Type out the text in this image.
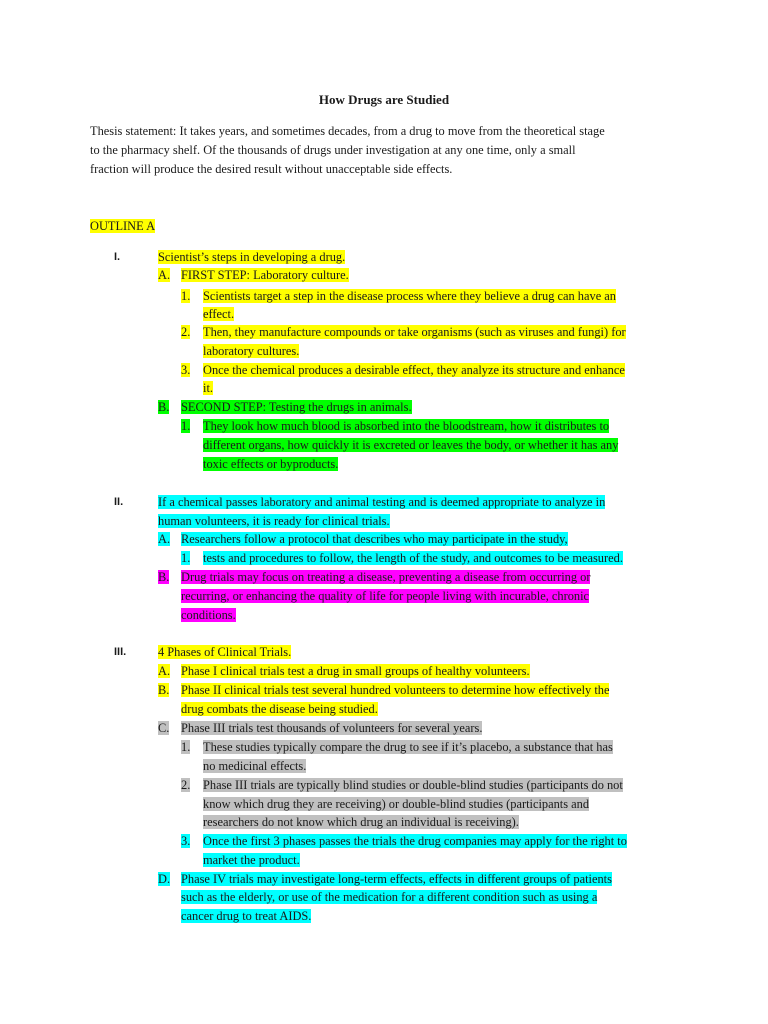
How Drugs are Studied
Thesis statement: It takes years, and sometimes decades, from a drug to move from the theoretical stage
to the pharmacy shelf. Of the thousands of drugs under investigation at any one time, only a small
fraction will produce the desired result without unacceptable side effects.
OUTLINE A
I.	Scientist’s steps in developing a drug.
A. FIRST STEP: Laboratory culture.
1. Scientists target a step in the disease process where they believe a drug can have an
effect.
2. Then, they manufacture compounds or take organisms (such as viruses and fungi) for
laboratory cultures.
3. Once the chemical produces a desirable effect, they analyze its structure and enhance
it.
B. SECOND STEP: Testing the drugs in animals.
1. They look how much blood is absorbed into the bloodstream, how it distributes to
different organs, how quickly it is excreted or leaves the body, or whether it has any
toxic effects or byproducts.
II.	If a chemical passes laboratory and animal testing and is deemed appropriate to analyze in
human volunteers, it is ready for clinical trials.
A. Researchers follow a protocol that describes who may participate in the study,
1. tests and procedures to follow, the length of the study, and outcomes to be measured.
B. Drug trials may focus on treating a disease, preventing a disease from occurring or
recurring, or enhancing the quality of life for people living with incurable, chronic
conditions.
III.	4 Phases of Clinical Trials.
A. Phase I clinical trials test a drug in small groups of healthy volunteers.
B. Phase II clinical trials test several hundred volunteers to determine how effectively the
drug combats the disease being studied.
C. Phase III trials test thousands of volunteers for several years.
1. These studies typically compare the drug to see if it’s placebo, a substance that has
no medicinal effects.
2. Phase III trials are typically blind studies or double-blind studies (participants do not
know which drug they are receiving) or double-blind studies (participants and
researchers do not know which drug an individual is receiving).
3. Once the first 3 phases passes the trials the drug companies may apply for the right to
market the product.
D. Phase IV trials may investigate long-term effects, effects in different groups of patients
such as the elderly, or use of the medication for a different condition such as using a
cancer drug to treat AIDS.
